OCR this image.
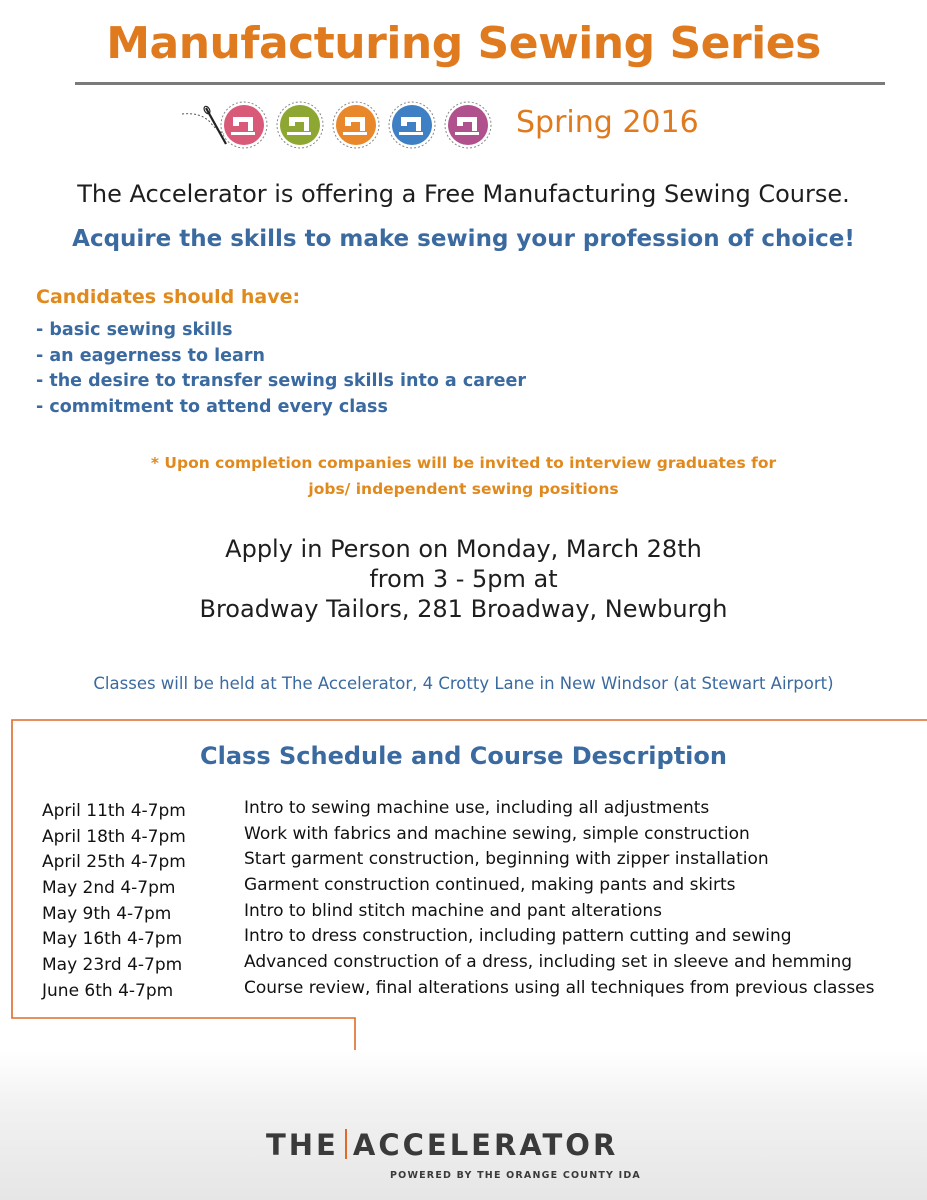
Manufacturing Sewing Series
Spring 2016
The Accelerator is offering a Free Manufacturing Sewing Course.
Acquire the skills to make sewing your profession of choice!
Candidates should have:
- basic sewing skills
- an eagerness to learn
- the desire to transfer sewing skills into a career
- commitment to attend every class
* Upon completion companies will be invited to interview graduates for
jobs/ independent sewing positions
Apply in Person on Monday, March 28th
from 3 - 5pm at
Broadway Tailors, 281 Broadway, Newburgh
Classes will be held at The Accelerator, 4 Crotty Lane in New Windsor (at Stewart Airport)
Class Schedule and Course Description
April 11th 4-7pm	Intro to sewing machine use, including all adjustments
April 18th 4-7pm	Work with fabrics and machine sewing, simple construction
April 25th 4-7pm	Start garment construction, beginning with zipper installation
May 2nd 4-7pm	Garment construction continued, making pants and skirts
May 9th 4-7pm	Intro to blind stitch machine and pant alterations
May 16th 4-7pm	Intro to dress construction, including pattern cutting and sewing
May 23rd 4-7pm	Advanced construction of a dress, including set in sleeve and hemming
June 6th 4-7pm	Course review, final alterations using all techniques from previous classes
THE ACCELERATOR
POWERED BY THE ORANGE COUNTY IDA
